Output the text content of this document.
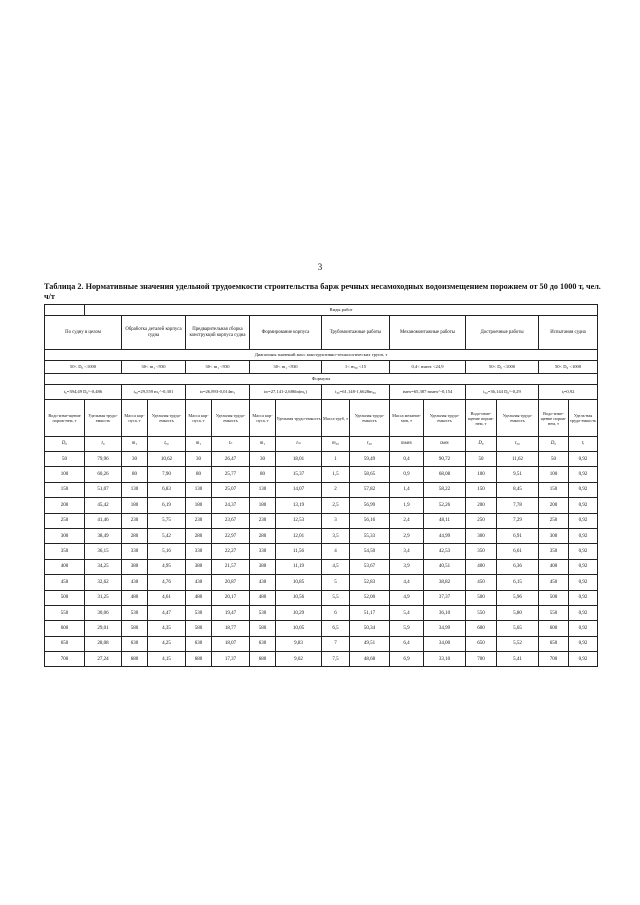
3
Таблица 2. Нормативные значения удельной трудоемкости строительства барж речных несамоходных водоизмещением порожнем от 50 до 1000 т, чел. ч/т
	Виды работ														
По судну в целом		Обработка деталей корпуса судна		Предварительная сборка конструкций корпуса судна		Формирование корпуса		Трубомонтажные работы		Механомонтажные работы		Достроечные работы		Испытания судна	
Диапазоны значений масс конструктивно-технологических групп, т															
50< D₀ <1000		30< m₁ <930		30< m₁ <930		30< m₁ <930		1< m₃₀ <15		0,4< mмех <24,9		50< D₀ <1000		50< D₀ <1000	
Формулы															
t₀=394,49 D₀^-0,486		tₒ₀=29,559 m₁^-0,301		tₙ=26,893-0,014m₁		tₘ=27,141-2,686ln(m₁)		t₃₀=61,148-1,6628m₃₀		tмех=65,387 mмех^-0,154		t₅₀=36,144 D₀^-0,29		tᵢ=0,92	
Водо-изме-щение порож-нем, т	Удельная трудо-емкость	Масса кор-пуса, т	Удельная трудо-емкость	Масса кор-пуса, т	Удельная трудо-емкость	Масса кор-пуса, т	Удельная трудо-емкость	Масса труб, т	Удельная трудо-емкость	Масса механиз-мов, т	Удельная трудо-емкость	Водо-изме-щение порож-нем, т	Удельная трудо-емкость	Водо-изме-щение порож-нем, т	Удель-ная трудо-емкость
D₀	t₀	m₁	tₒ₀	m₁	tₙ	m₁	tₘ	m₃₀	t₃₀	mмех	tмех	D₀	t₅₀	D₀	tᵢ
50	79,96	30	10,62	30	26,47	30	18,01	1	59,49	0,4	90,72	50	11,62	50	0,92
100	60,26	80	7,90	80	25,77	80	15,37	1,5	58,65	0,9	68,08	100	9,51	100	0,92
150	51,07	130	6,83	130	25,07	130	14,07	2	57,82	1,4	58,22	150	8,45	150	0,92
200	45,42	180	6,19	180	24,37	180	13,19	2,5	56,99	1,9	52,26	200	7,78	200	0,92
250	41,46	230	5,75	230	23,67	230	12,53	3	56,16	2,4	48,11	250	7,29	250	0,92
300	38,49	280	5,42	280	22,97	280	12,01	3,5	55,33	2,9	44,99	300	6,91	300	0,92
350	36,15	330	5,16	330	22,27	330	11,56	4	54,50	3,4	42,53	350	6,61	350	0,92
400	34,25	380	4,95	380	21,57	380	11,19	4,5	53,67	3,9	40,51	400	6,36	400	0,92
450	32,62	430	4,76	430	20,87	430	10,85	5	52,83	4,4	38,82	450	6,15	450	0,92
500	31,25	480	4,61	480	20,17	480	10,56	5,5	52,00	4,9	37,37	500	5,96	500	0,92
550	30,06	530	4,47	530	19,47	530	10,29	6	51,17	5,4	36,10	550	5,80	550	0,92
600	29,01	580	4,35	580	18,77	580	10,05	6,5	50,34	5,9	34,99	600	5,65	600	0,92
650	28,08	630	4,25	630	18,07	630	9,83	7	49,51	6,4	34,00	650	5,52	650	0,92
700	27,24	680	4,15	680	17,37	680	9,62	7,5	48,68	6,9	33,10	700	5,41	700	0,92
